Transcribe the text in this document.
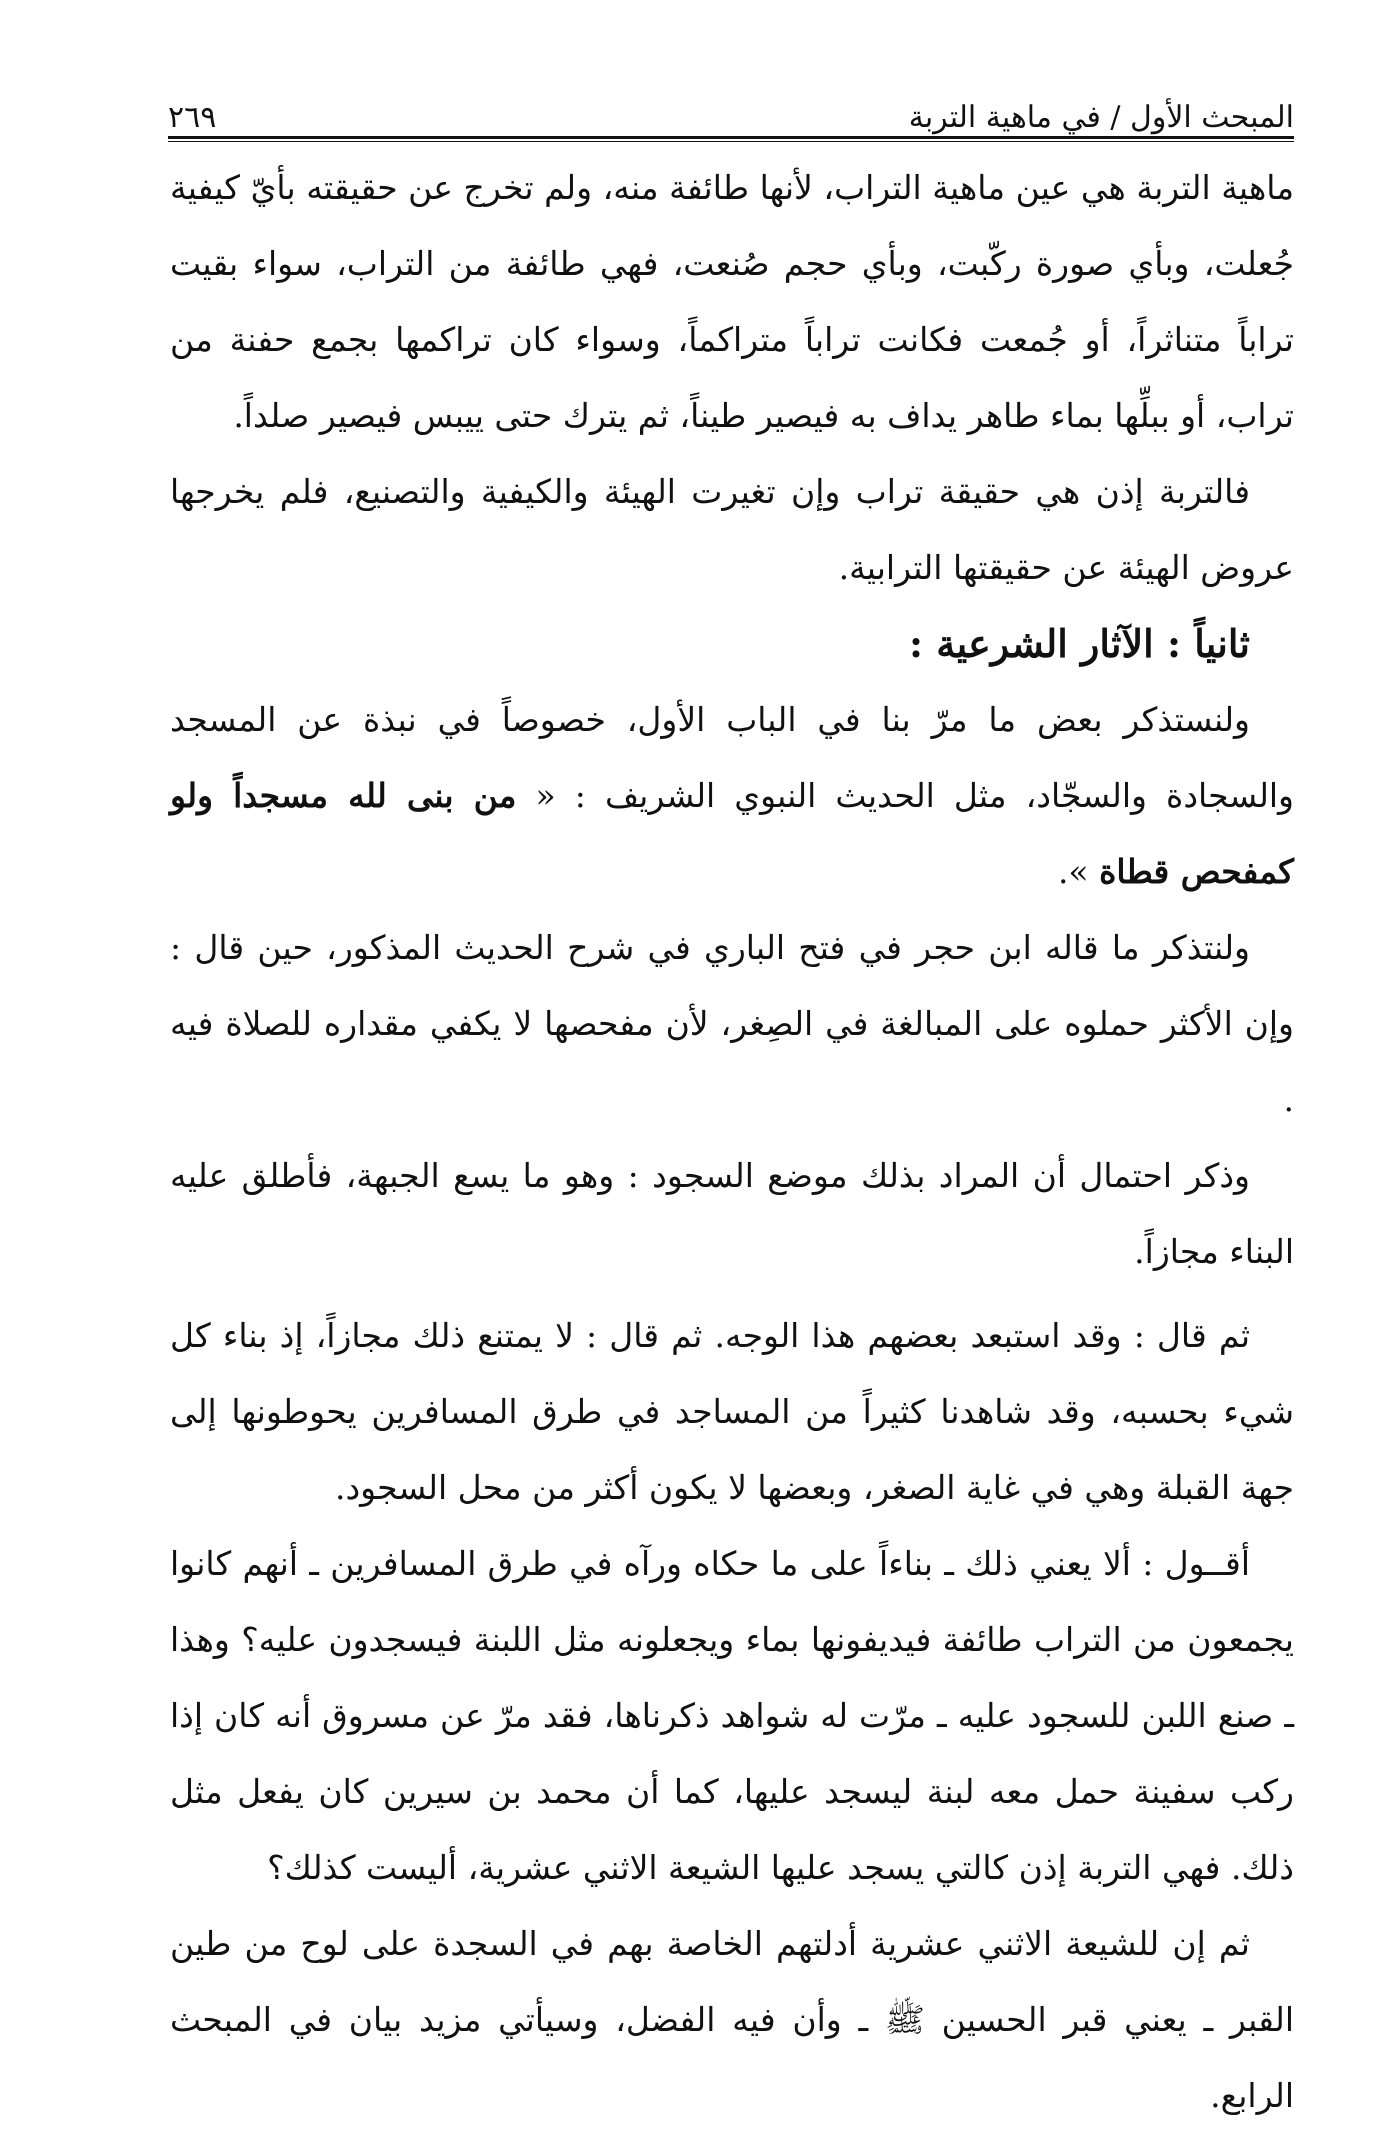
المبحث الأول / في ماهية التربة
٢٦٩

ماهية التربة هي عين ماهية التراب، لأنها طائفة منه، ولم تخرج عن حقيقته بأيّ كيفية جُعلت، وبأي صورة ركّبت، وبأي حجم صُنعت، فهي طائفة من التراب، سواء بقيت تراباً متناثراً، أو جُمعت فكانت تراباً متراكماً، وسواء كان تراكمها بجمع حفنة من تراب، أو ببلِّها بماء طاهر يداف به فيصير طيناً، ثم يترك حتى ييبس فيصير صلداً.

فالتربة إذن هي حقيقة تراب وإن تغيرت الهيئة والكيفية والتصنيع، فلم يخرجها عروض الهيئة عن حقيقتها الترابية.

ثانياً : الآثار الشرعية :

ولنستذكر بعض ما مرّ بنا في الباب الأول، خصوصاً في نبذة عن المسجد والسجادة والسجّاد، مثل الحديث النبوي الشريف : « من بنى لله مسجداً ولو كمفحص قطاة ».

ولنتذكر ما قاله ابن حجر في فتح الباري في شرح الحديث المذكور، حين قال : وإن الأكثر حملوه على المبالغة في الصِغر، لأن مفحصها لا يكفي مقداره للصلاة فيه .

وذكر احتمال أن المراد بذلك موضع السجود : وهو ما يسع الجبهة، فأطلق عليه البناء مجازاً.

ثم قال : وقد استبعد بعضهم هذا الوجه. ثم قال : لا يمتنع ذلك مجازاً، إذ بناء كل شيء بحسبه، وقد شاهدنا كثيراً من المساجد في طرق المسافرين يحوطونها إلى جهة القبلة وهي في غاية الصغر، وبعضها لا يكون أكثر من محل السجود.

أقــول : ألا يعني ذلك ـ بناءاً على ما حكاه ورآه في طرق المسافرين ـ أنهم كانوا يجمعون من التراب طائفة فيديفونها بماء ويجعلونه مثل اللبنة فيسجدون عليه؟ وهذا ـ صنع اللبن للسجود عليه ـ مرّت له شواهد ذكرناها، فقد مرّ عن مسروق أنه كان إذا ركب سفينة حمل معه لبنة ليسجد عليها، كما أن محمد بن سيرين كان يفعل مثل ذلك. فهي التربة إذن كالتي يسجد عليها الشيعة الاثني عشرية، أليست كذلك؟

ثم إن للشيعة الاثني عشرية أدلتهم الخاصة بهم في السجدة على لوح من طين القبر ـ يعني قبر الحسين ﷺ ـ وأن فيه الفضل، وسيأتي مزيد بيان في المبحث الرابع.
